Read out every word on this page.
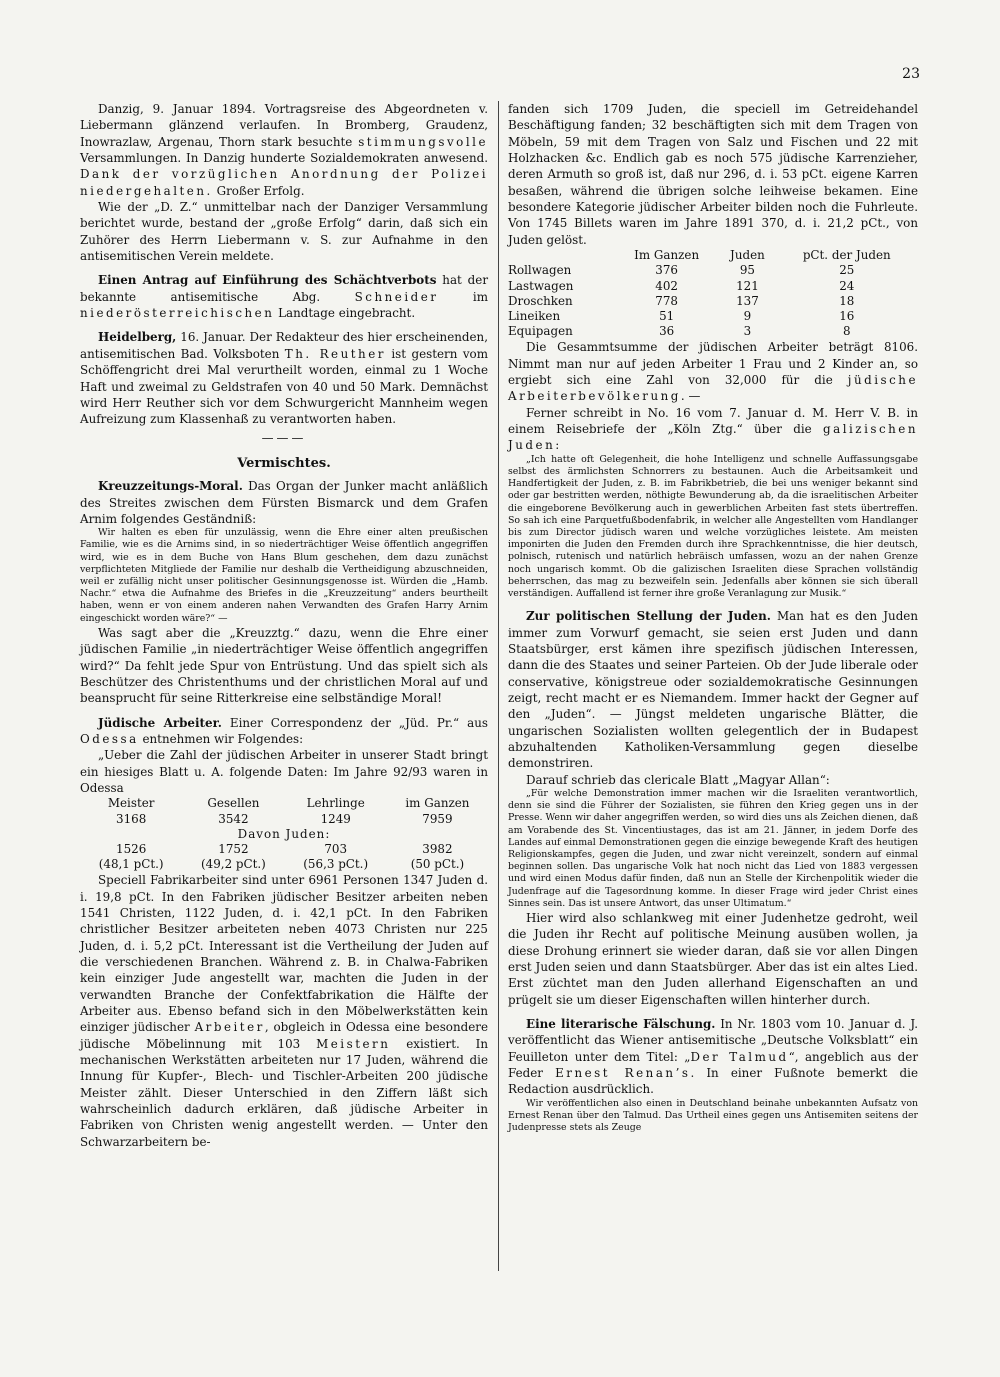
23

Danzig, 9. Januar 1894. Vortragsreise des Abgeordneten v. Liebermann glänzend verlaufen. In Bromberg, Graudenz, Inowrazlaw, Argenau, Thorn stark besuchte stimmungsvolle Versammlungen. In Danzig hunderte Sozialdemokraten anwesend. Dank der vorzüglichen Anordnung der Polizei niedergehalten. Großer Erfolg.

Wie der „D. Z.“ unmittelbar nach der Danziger Versammlung berichtet wurde, bestand der „große Erfolg“ darin, daß sich ein Zuhörer des Herrn Liebermann v. S. zur Aufnahme in den antisemitischen Verein meldete.

Einen Antrag auf Einführung des Schächtverbots hat der bekannte antisemitische Abg. Schneider im niederösterreichischen Landtage eingebracht.

Heidelberg, 16. Januar. Der Redakteur des hier erscheinenden, antisemitischen Bad. Volksboten Th. Reuther ist gestern vom Schöffengricht drei Mal verurtheilt worden, einmal zu 1 Woche Haft und zweimal zu Geldstrafen von 40 und 50 Mark. Demnächst wird Herr Reuther sich vor dem Schwurgericht Mannheim wegen Aufreizung zum Klassenhaß zu verantworten haben.

———
Vermischtes.

Kreuzzeitungs-Moral. Das Organ der Junker macht anläßlich des Streites zwischen dem Fürsten Bismarck und dem Grafen Arnim folgendes Geständniß:

Wir halten es eben für unzulässig, wenn die Ehre einer alten preußischen Familie, wie es die Arnims sind, in so niederträchtiger Weise öffentlich angegriffen wird, wie es in dem Buche von Hans Blum geschehen, dem dazu zunächst verpflichteten Mitgliede der Familie nur deshalb die Vertheidigung abzuschneiden, weil er zufällig nicht unser politischer Gesinnungsgenosse ist. Würden die „Hamb. Nachr.“ etwa die Aufnahme des Briefes in die „Kreuzzeitung“ anders beurtheilt haben, wenn er von einem anderen nahen Verwandten des Grafen Harry Arnim eingeschickt worden wäre?“ —

Was sagt aber die „Kreuzztg.“ dazu, wenn die Ehre einer jüdischen Familie „in niederträchtiger Weise öffentlich angegriffen wird?“ Da fehlt jede Spur von Entrüstung. Und das spielt sich als Beschützer des Christenthums und der christlichen Moral auf und beansprucht für seine Ritterkreise eine selbständige Moral!

Jüdische Arbeiter. Einer Correspondenz der „Jüd. Pr.“ aus Odessa entnehmen wir Folgendes:

„Ueber die Zahl der jüdischen Arbeiter in unserer Stadt bringt ein hiesiges Blatt u. A. folgende Daten: Im Jahre 92/93 waren in Odessa

Meister	Gesellen	Lehrlinge	im Ganzen
3168	3542	1249	7959
Davon Juden:			
1526	1752	703	3982
(48,1 pCt.)	(49,2 pCt.)	(56,3 pCt.)	(50 pCt.)

Speciell Fabrikarbeiter sind unter 6961 Personen 1347 Juden d. i. 19,8 pCt. In den Fabriken jüdischer Besitzer arbeiten neben 1541 Christen, 1122 Juden, d. i. 42,1 pCt. In den Fabriken christlicher Besitzer arbeiteten neben 4073 Christen nur 225 Juden, d. i. 5,2 pCt. Interessant ist die Vertheilung der Juden auf die verschiedenen Branchen. Während z. B. in Chalwa-Fabriken kein einziger Jude angestellt war, machten die Juden in der verwandten Branche der Confektfabrikation die Hälfte der Arbeiter aus. Ebenso befand sich in den Möbelwerkstätten kein einziger jüdischer Arbeiter, obgleich in Odessa eine besondere jüdische Möbelinnung mit 103 Meistern existiert. In mechanischen Werkstätten arbeiteten nur 17 Juden, während die Innung für Kupfer-, Blech- und Tischler-Arbeiten 200 jüdische Meister zählt. Dieser Unterschied in den Ziffern läßt sich wahrscheinlich dadurch erklären, daß jüdische Arbeiter in Fabriken von Christen wenig angestellt werden. — Unter den Schwarzarbeitern be-

fanden sich 1709 Juden, die speciell im Getreidehandel Beschäftigung fanden; 32 beschäftigten sich mit dem Tragen von Möbeln, 59 mit dem Tragen von Salz und Fischen und 22 mit Holzhacken &c. Endlich gab es noch 575 jüdische Karrenzieher, deren Armuth so groß ist, daß nur 296, d. i. 53 pCt. eigene Karren besaßen, während die übrigen solche leihweise bekamen. Eine besondere Kategorie jüdischer Arbeiter bilden noch die Fuhrleute. Von 1745 Billets waren im Jahre 1891 370, d. i. 21,2 pCt., von Juden gelöst.

	Im Ganzen	Juden	pCt. der Juden
Rollwagen	376	95	25
Lastwagen	402	121	24
Droschken	778	137	18
Lineiken	51	9	16
Equipagen	36	3	8

Die Gesammtsumme der jüdischen Arbeiter beträgt 8106. Nimmt man nur auf jeden Arbeiter 1 Frau und 2 Kinder an, so ergiebt sich eine Zahl von 32,000 für die jüdische Arbeiterbevölkerung. —

Ferner schreibt in No. 16 vom 7. Januar d. M. Herr V. B. in einem Reisebriefe der „Köln Ztg.“ über die galizischen Juden:

„Ich hatte oft Gelegenheit, die hohe Intelligenz und schnelle Auffassungsgabe selbst des ärmlichsten Schnorrers zu bestaunen. Auch die Arbeitsamkeit und Handfertigkeit der Juden, z. B. im Fabrikbetrieb, die bei uns weniger bekannt sind oder gar bestritten werden, nöthigte Bewunderung ab, da die israelitischen Arbeiter die eingeborene Bevölkerung auch in gewerblichen Arbeiten fast stets übertreffen. So sah ich eine Parquetfußbodenfabrik, in welcher alle Angestellten vom Handlanger bis zum Director jüdisch waren und welche vorzügliches leistete. Am meisten imponirten die Juden den Fremden durch ihre Sprachkenntnisse, die hier deutsch, polnisch, rutenisch und natürlich hebräisch umfassen, wozu an der nahen Grenze noch ungarisch kommt. Ob die galizischen Israeliten diese Sprachen vollständig beherrschen, das mag zu bezweifeln sein. Jedenfalls aber können sie sich überall verständigen. Auffallend ist ferner ihre große Veranlagung zur Musik.“

Zur politischen Stellung der Juden. Man hat es den Juden immer zum Vorwurf gemacht, sie seien erst Juden und dann Staatsbürger, erst kämen ihre spezifisch jüdischen Interessen, dann die des Staates und seiner Parteien. Ob der Jude liberale oder conservative, königstreue oder sozialdemokratische Gesinnungen zeigt, recht macht er es Niemandem. Immer hackt der Gegner auf den „Juden“. — Jüngst meldeten ungarische Blätter, die ungarischen Sozialisten wollten gelegentlich der in Budapest abzuhaltenden Katholiken-Versammlung gegen dieselbe demonstriren.

Darauf schrieb das clericale Blatt „Magyar Allan“:

„Für welche Demonstration immer machen wir die Israeliten verantwortlich, denn sie sind die Führer der Sozialisten, sie führen den Krieg gegen uns in der Presse. Wenn wir daher angegriffen werden, so wird dies uns als Zeichen dienen, daß am Vorabende des St. Vincentiustages, das ist am 21. Jänner, in jedem Dorfe des Landes auf einmal Demonstrationen gegen die einzige bewegende Kraft des heutigen Religionskampfes, gegen die Juden, und zwar nicht vereinzelt, sondern auf einmal beginnen sollen. Das ungarische Volk hat noch nicht das Lied von 1883 vergessen und wird einen Modus dafür finden, daß nun an Stelle der Kirchenpolitik wieder die Judenfrage auf die Tagesordnung komme. In dieser Frage wird jeder Christ eines Sinnes sein. Das ist unsere Antwort, das unser Ultimatum.“

Hier wird also schlankweg mit einer Judenhetze gedroht, weil die Juden ihr Recht auf politische Meinung ausüben wollen, ja diese Drohung erinnert sie wieder daran, daß sie vor allen Dingen erst Juden seien und dann Staatsbürger. Aber das ist ein altes Lied. Erst züchtet man den Juden allerhand Eigenschaften an und prügelt sie um dieser Eigenschaften willen hinterher durch.

Eine literarische Fälschung. In Nr. 1803 vom 10. Januar d. J. veröffentlicht das Wiener antisemitische „Deutsche Volksblatt“ ein Feuilleton unter dem Titel: „Der Talmud“, angeblich aus der Feder Ernest Renan’s. In einer Fußnote bemerkt die Redaction ausdrücklich.

Wir veröffentlichen also einen in Deutschland beinahe unbekannten Aufsatz von Ernest Renan über den Talmud. Das Urtheil eines gegen uns Antisemiten seitens der Judenpresse stets als Zeuge
